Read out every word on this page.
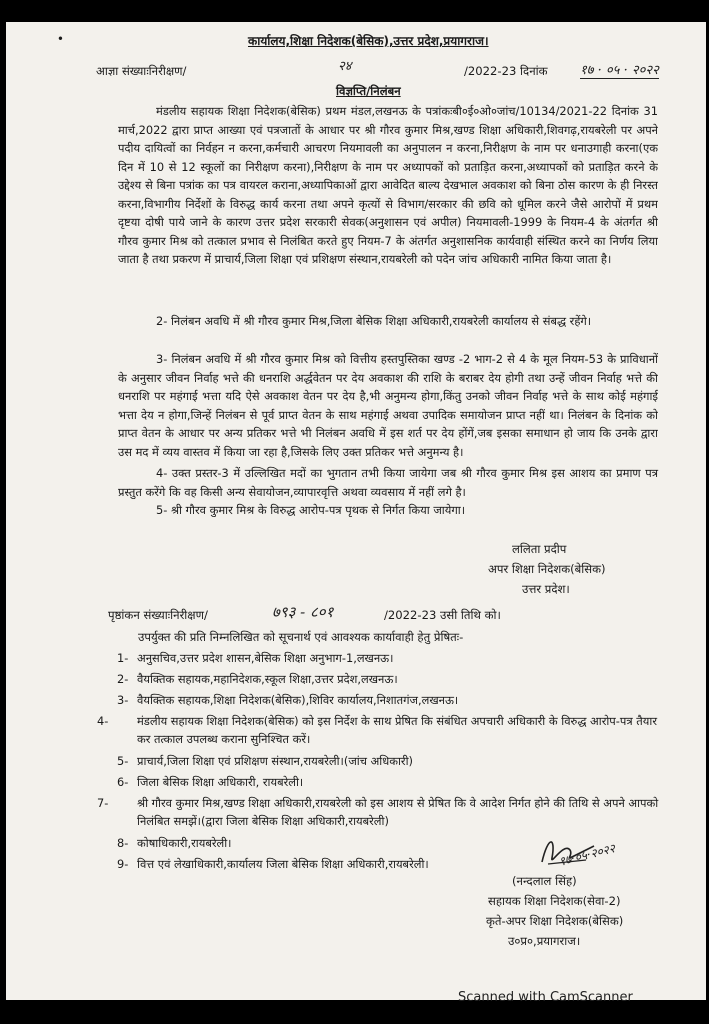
ꔷ	कार्यालय,शिक्षा निदेशक(बेसिक),उत्तर प्रदेश,प्रयागराज।
आज्ञा संख्याःनिरीक्षण/	२४	/2022-23 दिनांक १७ · ०५ · २०२२
विज्ञप्ति/निलंबन
मंडलीय सहायक शिक्षा निदेशक(बेसिक) प्रथम मंडल,लखनऊ के पत्रांकःबी०ई०ओ०जांच/10134/2021-22 दिनांक 31 मार्च,2022 द्वारा प्राप्त आख्या एवं पत्रजातों के आधार पर श्री गौरव कुमार मिश्र,खण्ड शिक्षा अधिकारी,शिवगढ़,रायबरेली पर अपने पदीय दायित्वों का निर्वहन न करना,कर्मचारी आचरण नियमावली का अनुपालन न करना,निरीक्षण के नाम पर धनाउगाही करना(एक दिन में 10 से 12 स्कूलों का निरीक्षण करना),निरीक्षण के नाम पर अध्यापकों को प्रताड़ित करना,अध्यापकों को प्रताड़ित करने के उद्देश्य से बिना पत्रांक का पत्र वायरल कराना,अध्यापिकाओं द्वारा आवेदित बाल्य देखभाल अवकाश को बिना ठोस कारण के ही निरस्त करना,विभागीय निर्देशों के विरुद्ध कार्य करना तथा अपने कृत्यों से विभाग/सरकार की छवि को धूमिल करने जैसे आरोपों में प्रथम दृष्टया दोषी पाये जाने के कारण उत्तर प्रदेश सरकारी सेवक(अनुशासन एवं अपील) नियमावली-1999 के नियम-4 के अंतर्गत श्री गौरव कुमार मिश्र को तत्काल प्रभाव से निलंबित करते हुए नियम-7 के अंतर्गत अनुशासनिक कार्यवाही संस्थित करने का निर्णय लिया जाता है तथा प्रकरण में प्राचार्य,जिला शिक्षा एवं प्रशिक्षण संस्थान,रायबरेली को पदेन जांच अधिकारी नामित किया जाता है।
2- निलंबन अवधि में श्री गौरव कुमार मिश्र,जिला बेसिक शिक्षा अधिकारी,रायबरेली कार्यालय से संबद्ध रहेंगे।
3- निलंबन अवधि में श्री गौरव कुमार मिश्र को वित्तीय हस्तपुस्तिका खण्ड -2 भाग-2 से 4 के मूल नियम-53 के प्राविधानों के अनुसार जीवन निर्वाह भत्ते की धनराशि अर्द्धवेतन पर देय अवकाश की राशि के बराबर देय होगी तथा उन्हें जीवन निर्वाह भत्ते की धनराशि पर महंगाई भत्ता यदि ऐसे अवकाश वेतन पर देय है,भी अनुमन्य होगा,किंतु उनको जीवन निर्वाह भत्ते के साथ कोई महंगाई भत्ता देय न होगा,जिन्हें निलंबन से पूर्व प्राप्त वेतन के साथ महंगाई अथवा उपादिक समायोजन प्राप्त नहीं था। निलंबन के दिनांक को प्राप्त वेतन के आधार पर अन्य प्रतिकर भत्ते भी निलंबन अवधि में इस शर्त पर देय होंगें,जब इसका समाधान हो जाय कि उनके द्वारा उस मद में व्यय वास्तव में किया जा रहा है,जिसके लिए उक्त प्रतिकर भत्ते अनुमन्य है।
4- उक्त प्रस्तर-3 में उल्लिखित मदों का भुगतान तभी किया जायेगा जब श्री गौरव कुमार मिश्र इस आशय का प्रमाण पत्र प्रस्तुत करेंगे कि वह किसी अन्य सेवायोजन,व्यापारवृत्ति अथवा व्यवसाय में नहीं लगे है।
5- श्री गौरव कुमार मिश्र के विरुद्ध आरोप-पत्र पृथक से निर्गत किया जायेगा।
ललिता प्रदीप
अपर शिक्षा निदेशक(बेसिक)
उत्तर प्रदेश।
पृष्ठांकन संख्याःनिरीक्षण/	७९३ - ८०१	/2022-23 उसी तिथि को।
उपर्युक्त की प्रति निम्नलिखित को सूचनार्थ एवं आवश्यक कार्यावाही हेतु प्रेषितः-
1- अनुसचिव,उत्तर प्रदेश शासन,बेसिक शिक्षा अनुभाग-1,लखनऊ।
2- वैयक्तिक सहायक,महानिदेशक,स्कूल शिक्षा,उत्तर प्रदेश,लखनऊ।
3- वैयक्तिक सहायक,शिक्षा निदेशक(बेसिक),शिविर कार्यालय,निशातगंज,लखनऊ।
4-	मंडलीय सहायक शिक्षा निदेशक(बेसिक) को इस निर्देश के साथ प्रेषित कि संबंधित अपचारी अधिकारी के विरुद्ध आरोप-पत्र तैयार कर तत्काल उपलब्ध कराना सुनिश्चित करें।
5- प्राचार्य,जिला शिक्षा एवं प्रशिक्षण संस्थान,रायबरेली।(जांच अधिकारी)
6- जिला बेसिक शिक्षा अधिकारी, रायबरेली।
7-	श्री गौरव कुमार मिश्र,खण्ड शिक्षा अधिकारी,रायबरेली को इस आशय से प्रेषित कि वे आदेश निर्गत होने की तिथि से अपने आपको निलंबित समझें।(द्वारा जिला बेसिक शिक्षा अधिकारी,रायबरेली)
8- कोषाधिकारी,रायबरेली।
9- वित्त एवं लेखाधिकारी,कार्यालय जिला बेसिक शिक्षा अधिकारी,रायबरेली।	१७·०५·२०२२
(नन्दलाल सिंह)
सहायक शिक्षा निदेशक(सेवा-2)
कृते-अपर शिक्षा निदेशक(बेसिक)
उ०प्र०,प्रयागराज।
Scanned with CamScanner
